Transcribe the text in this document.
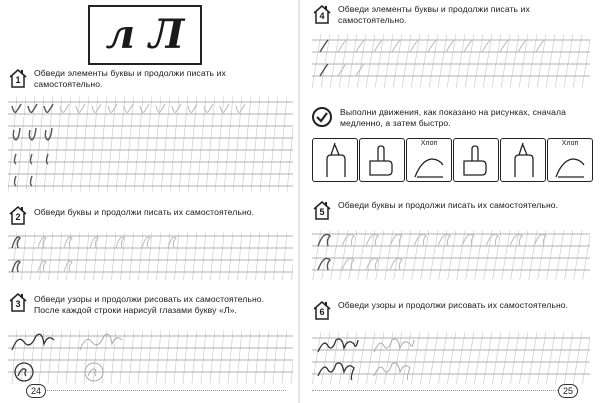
л Л
1
Обведи элементы буквы и продолжи писать их самостоятельно.
2	Обведи буквы и продолжи писать их самостоятельно.
3	Обведи узоры и продолжи рисовать их самостоятельно. После каждой строки нарисуй глазами букву «Л».
24
4
Обведи элементы буквы и продолжи писать их самостоятельно.
Выполни движения, как показано на рисунках, сначала медленно, а затем быстро.
Хлоп	Хлоп
5
Обведи буквы и продолжи писать их самостоятельно.
6
Обведи узоры и продолжи рисовать их самостоятельно.
25
